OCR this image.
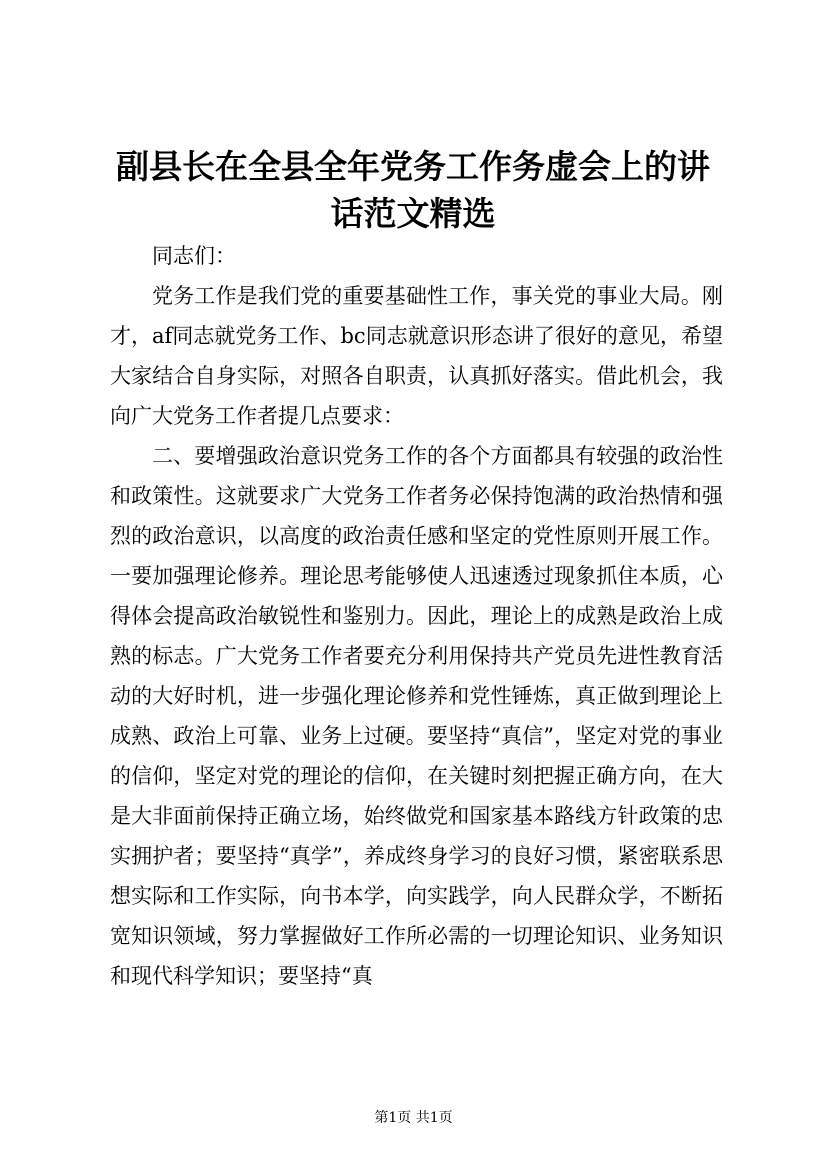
副县长在全县全年党务工作务虚会上的讲话范文精选

同志们：

党务工作是我们党的重要基础性工作，事关党的事业大局。刚才，af同志就党务工作、bc同志就意识形态讲了很好的意见，希望大家结合自身实际，对照各自职责，认真抓好落实。借此机会，我向广大党务工作者提几点要求：

二、要增强政治意识党务工作的各个方面都具有较强的政治性和政策性。这就要求广大党务工作者务必保持饱满的政治热情和强烈的政治意识，以高度的政治责任感和坚定的党性原则开展工作。一要加强理论修养。理论思考能够使人迅速透过现象抓住本质，心得体会提高政治敏锐性和鉴别力。因此，理论上的成熟是政治上成熟的标志。广大党务工作者要充分利用保持共产党员先进性教育活动的大好时机，进一步强化理论修养和党性锤炼，真正做到理论上成熟、政治上可靠、业务上过硬。要坚持“真信”，坚定对党的事业的信仰，坚定对党的理论的信仰，在关键时刻把握正确方向，在大是大非面前保持正确立场，始终做党和国家基本路线方针政策的忠实拥护者；要坚持“真学”，养成终身学习的良好习惯，紧密联系思想实际和工作实际，向书本学，向实践学，向人民群众学，不断拓宽知识领域，努力掌握做好工作所必需的一切理论知识、业务知识和现代科学知识；要坚持“真

第1页 共1页
